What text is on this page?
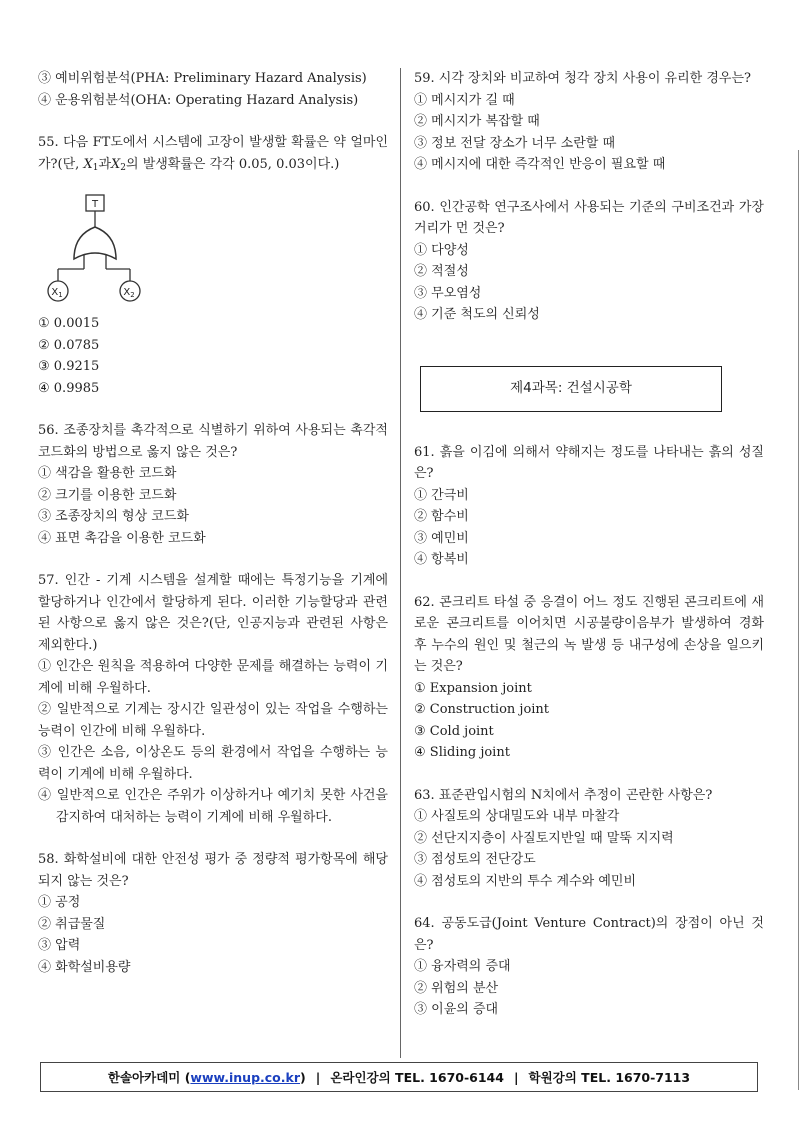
③ 예비위험분석(PHA: Preliminary Hazard Analysis)
④ 운용위험분석(OHA: Operating Hazard Analysis)
55. 다음 FT도에서 시스템에 고장이 발생할 확률은 약 얼마인가?(단, $X_1$과$X_2$의 발생확률은 각각 0.05, 0.03이다.)
T
$X_1$	$X_2$
① 0.0015
② 0.0785
③ 0.9215
④ 0.9985
56. 조종장치를 촉각적으로 식별하기 위하여 사용되는 촉각적 코드화의 방법으로 옳지 않은 것은?
① 색감을 활용한 코드화
② 크기를 이용한 코드화
③ 조종장치의 형상 코드화
④ 표면 촉감을 이용한 코드화
57. 인간 - 기계 시스템을 설계할 때에는 특정기능을 기계에 할당하거나 인간에서 할당하게 된다. 이러한 기능할당과 관련된 사항으로 옳지 않은 것은?(단, 인공지능과 관련된 사항은 제외한다.)
① 인간은 원칙을 적용하여 다양한 문제를 해결하는 능력이 기계에 비해 우월하다.
② 일반적으로 기계는 장시간 일관성이 있는 작업을 수행하는 능력이 인간에 비해 우월하다.
③ 인간은 소음, 이상온도 등의 환경에서 작업을 수행하는 능력이 기계에 비해 우월하다.
④ 일반적으로 인간은 주위가 이상하거나 예기치 못한 사건을 감지하여 대처하는 능력이 기계에 비해 우월하다.
58. 화학설비에 대한 안전성 평가 중 정량적 평가항목에 해당되지 않는 것은?
① 공정
② 취급물질
③ 압력
④ 화학설비용량
59. 시각 장치와 비교하여 청각 장치 사용이 유리한 경우는?
① 메시지가 길 때
② 메시지가 복잡할 때
③ 정보 전달 장소가 너무 소란할 때
④ 메시지에 대한 즉각적인 반응이 필요할 때
60. 인간공학 연구조사에서 사용되는 기준의 구비조건과 가장 거리가 먼 것은?
① 다양성
② 적절성
③ 무오염성
④ 기준 척도의 신뢰성
제4과목: 건설시공학
61. 흙을 이김에 의해서 약해지는 정도를 나타내는 흙의 성질은?
① 간극비
② 함수비
③ 예민비
④ 항복비
62. 콘크리트 타설 중 응결이 어느 정도 진행된 콘크리트에 새로운 콘크리트를 이어치면 시공불량이음부가 발생하여 경화 후 누수의 원인 및 철근의 녹 발생 등 내구성에 손상을 일으키는 것은?
① Expansion joint
② Construction joint
③ Cold joint
④ Sliding joint
63. 표준관입시험의 N치에서 추정이 곤란한 사항은?
① 사질토의 상대밀도와 내부 마찰각
② 선단지지층이 사질토지반일 때 말뚝 지지력
③ 점성토의 전단강도
④ 점성토의 지반의 투수 계수와 예민비
64. 공동도급(Joint Venture Contract)의 장점이 아닌 것은?
① 융자력의 증대
② 위험의 분산
③ 이윤의 증대
한솔아카데미 ( www.inup.co.kr ) | 온라인강의 TEL. 1670-6144 | 학원강의 TEL. 1670-7113
